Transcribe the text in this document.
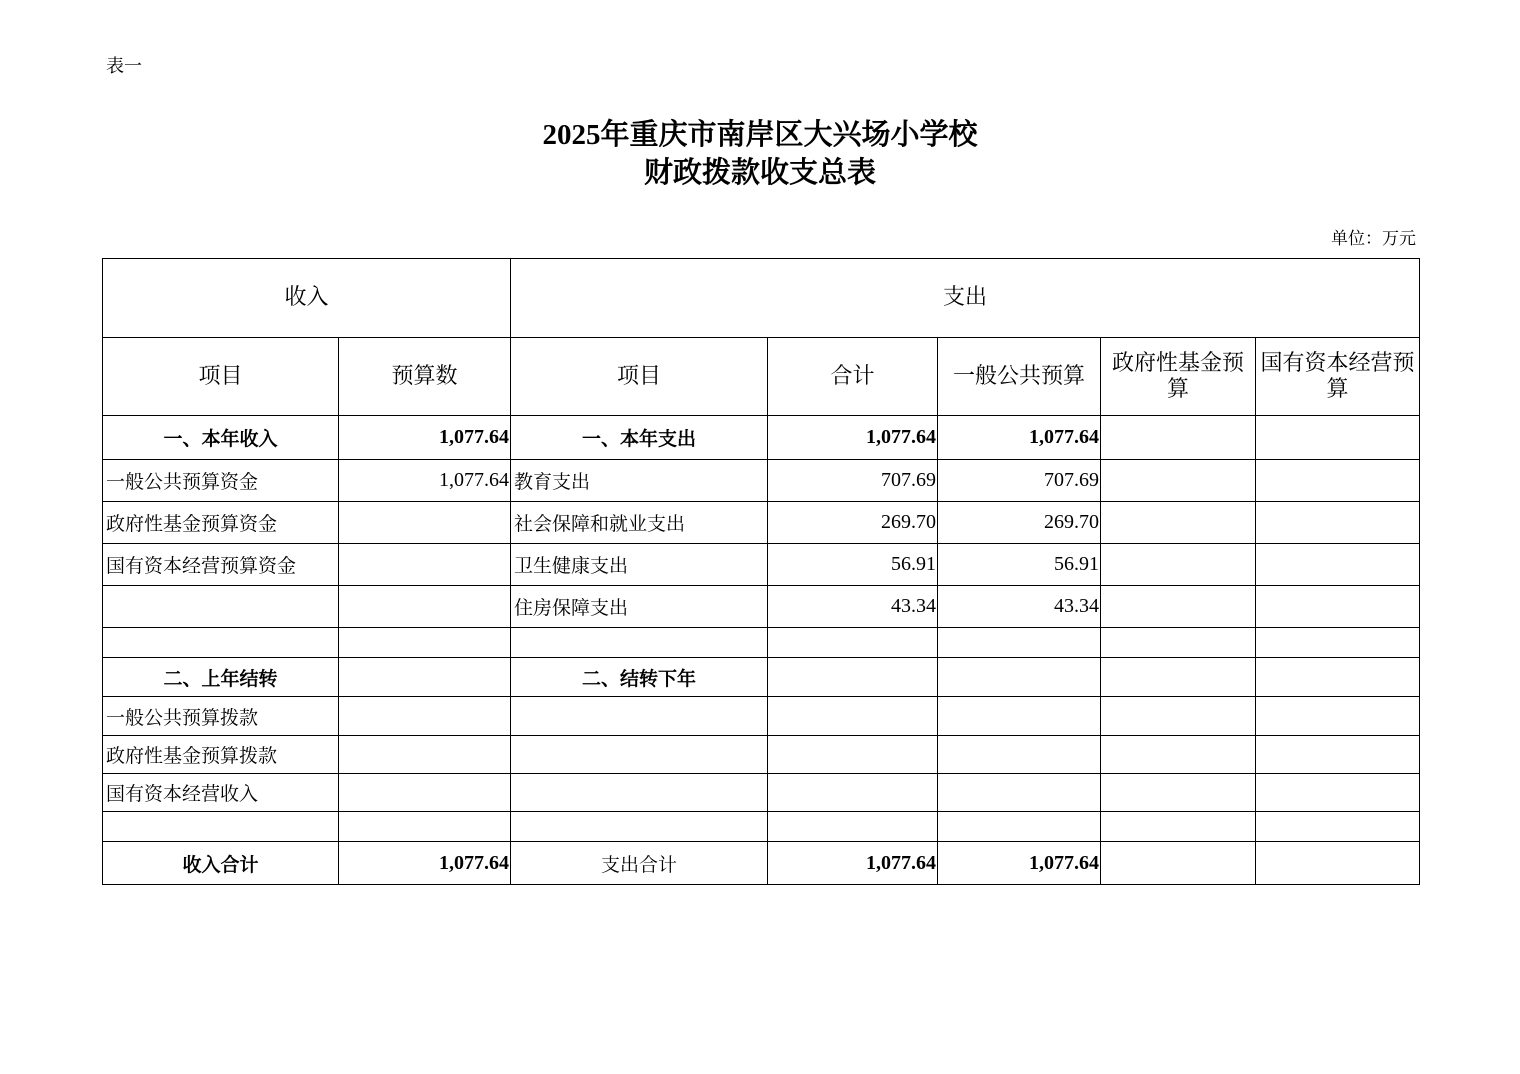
表一
2025年重庆市南岸区大兴场小学校
财政拨款收支总表
单位：万元
收入		支出				
项目	预算数	项目	合计	一般公共预算	政府性基金预算	国有资本经营预算
一、本年收入	1,077.64	一、本年支出	1,077.64	1,077.64		
一般公共预算资金	1,077.64	教育支出	707.69	707.69		
政府性基金预算资金		社会保障和就业支出	269.70	269.70		
国有资本经营预算资金		卫生健康支出	56.91	56.91		
		住房保障支出	43.34	43.34		

二、上年结转		二、结转下年				
一般公共预算拨款						
政府性基金预算拨款						
国有资本经营收入						

收入合计	1,077.64	支出合计	1,077.64	1,077.64		
